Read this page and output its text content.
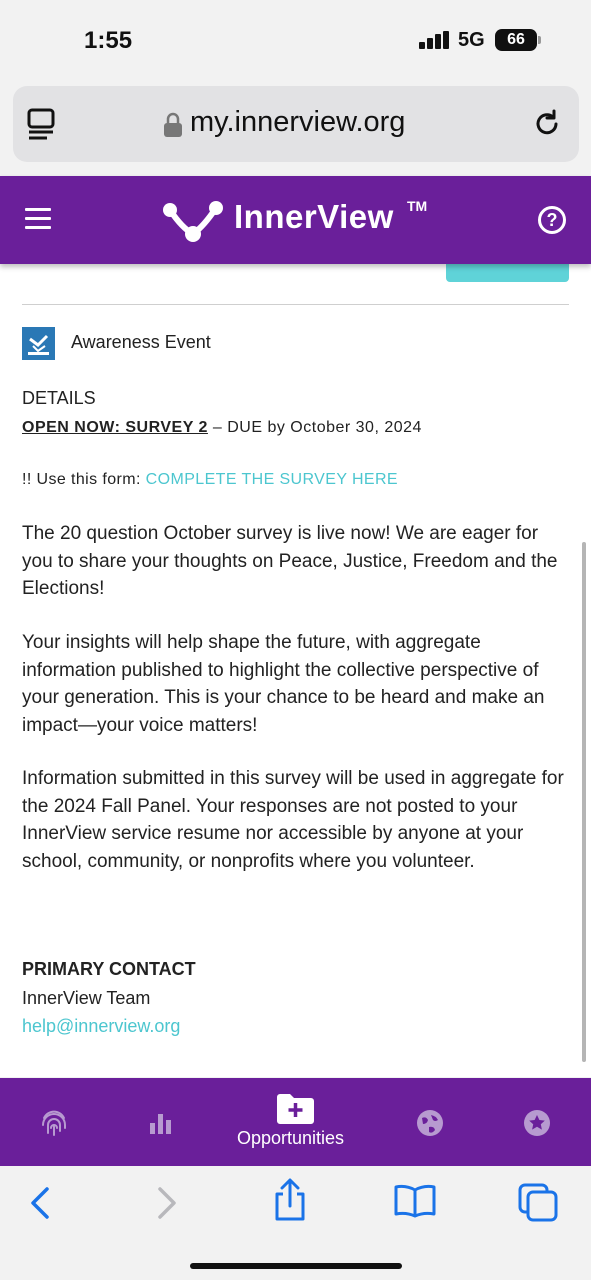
1:55	5G	66
my.innerview.org
InnerView TM
?
Awareness Event
DETAILS
OPEN NOW: SURVEY 2 – DUE by October 30, 2024
!! Use this form: COMPLETE THE SURVEY HERE

The 20 question October survey is live now! We are eager for you to share your thoughts on Peace, Justice, Freedom and the Elections!

Your insights will help shape the future, with aggregate information published to highlight the collective perspective of your generation. This is your chance to be heard and make an impact—your voice matters!

Information submitted in this survey will be used in aggregate for the 2024 Fall Panel. Your responses are not posted to your InnerView service resume nor accessible by anyone at your school, community, or nonprofits where you volunteer.

PRIMARY CONTACT
InnerView Team
help@innerview.org
Opportunities
